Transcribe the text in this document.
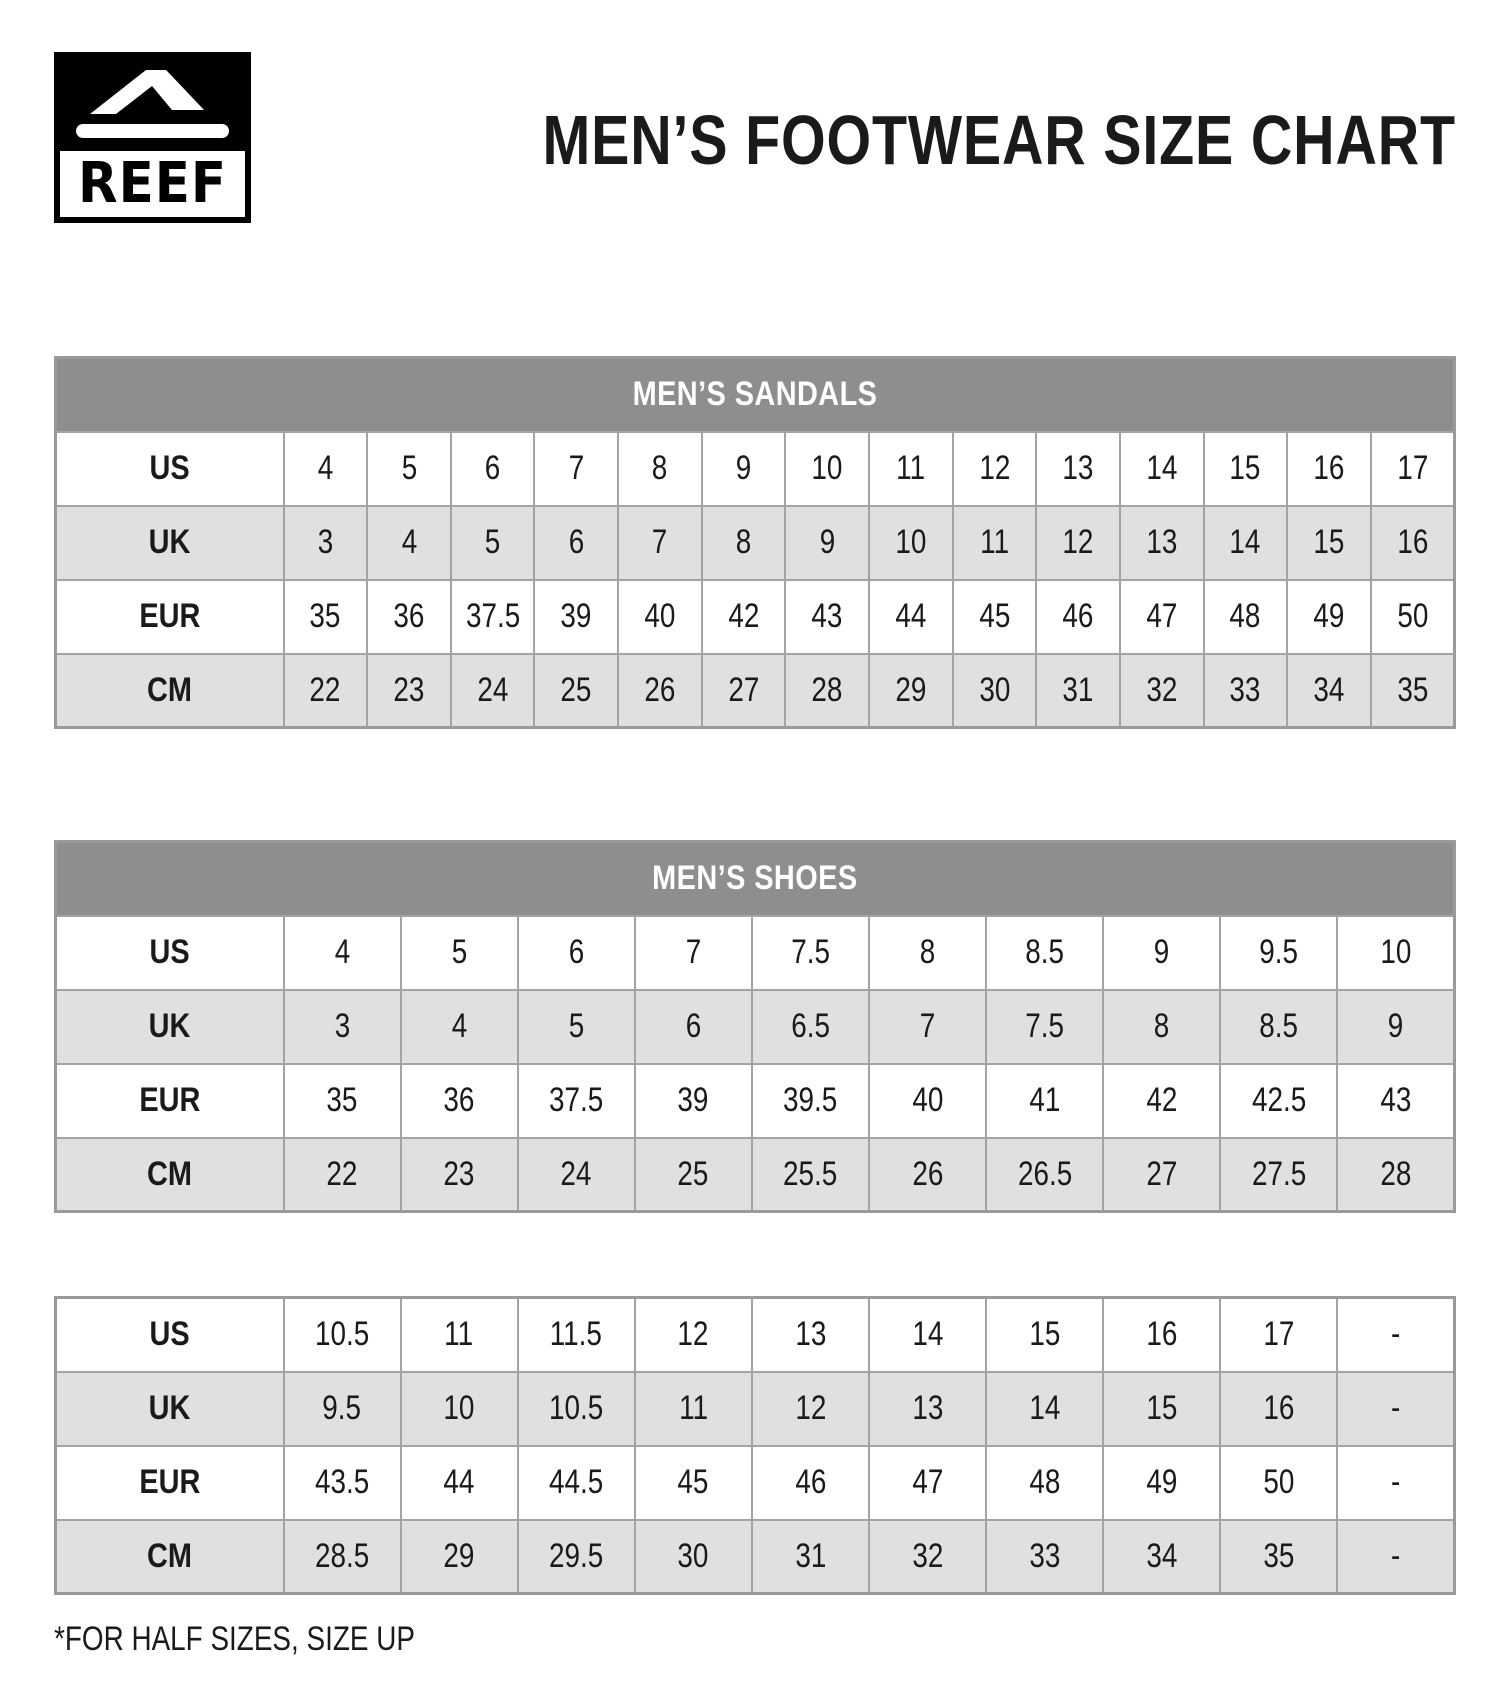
REEF
MEN’S FOOTWEAR SIZE CHART
MEN’S SANDALS														
US	4	5	6	7	8	9	10	11	12	13	14	15	16	17
UK	3	4	5	6	7	8	9	10	11	12	13	14	15	16
EUR	35	36	37.5	39	40	42	43	44	45	46	47	48	49	50
CM	22	23	24	25	26	27	28	29	30	31	32	33	34	35
MEN’S SHOES										
US	4	5	6	7	7.5	8	8.5	9	9.5	10
UK	3	4	5	6	6.5	7	7.5	8	8.5	9
EUR	35	36	37.5	39	39.5	40	41	42	42.5	43
CM	22	23	24	25	25.5	26	26.5	27	27.5	28
US	10.5	11	11.5	12	13	14	15	16	17	-
UK	9.5	10	10.5	11	12	13	14	15	16	-
EUR	43.5	44	44.5	45	46	47	48	49	50	-
CM	28.5	29	29.5	30	31	32	33	34	35	-

*FOR HALF SIZES, SIZE UP
